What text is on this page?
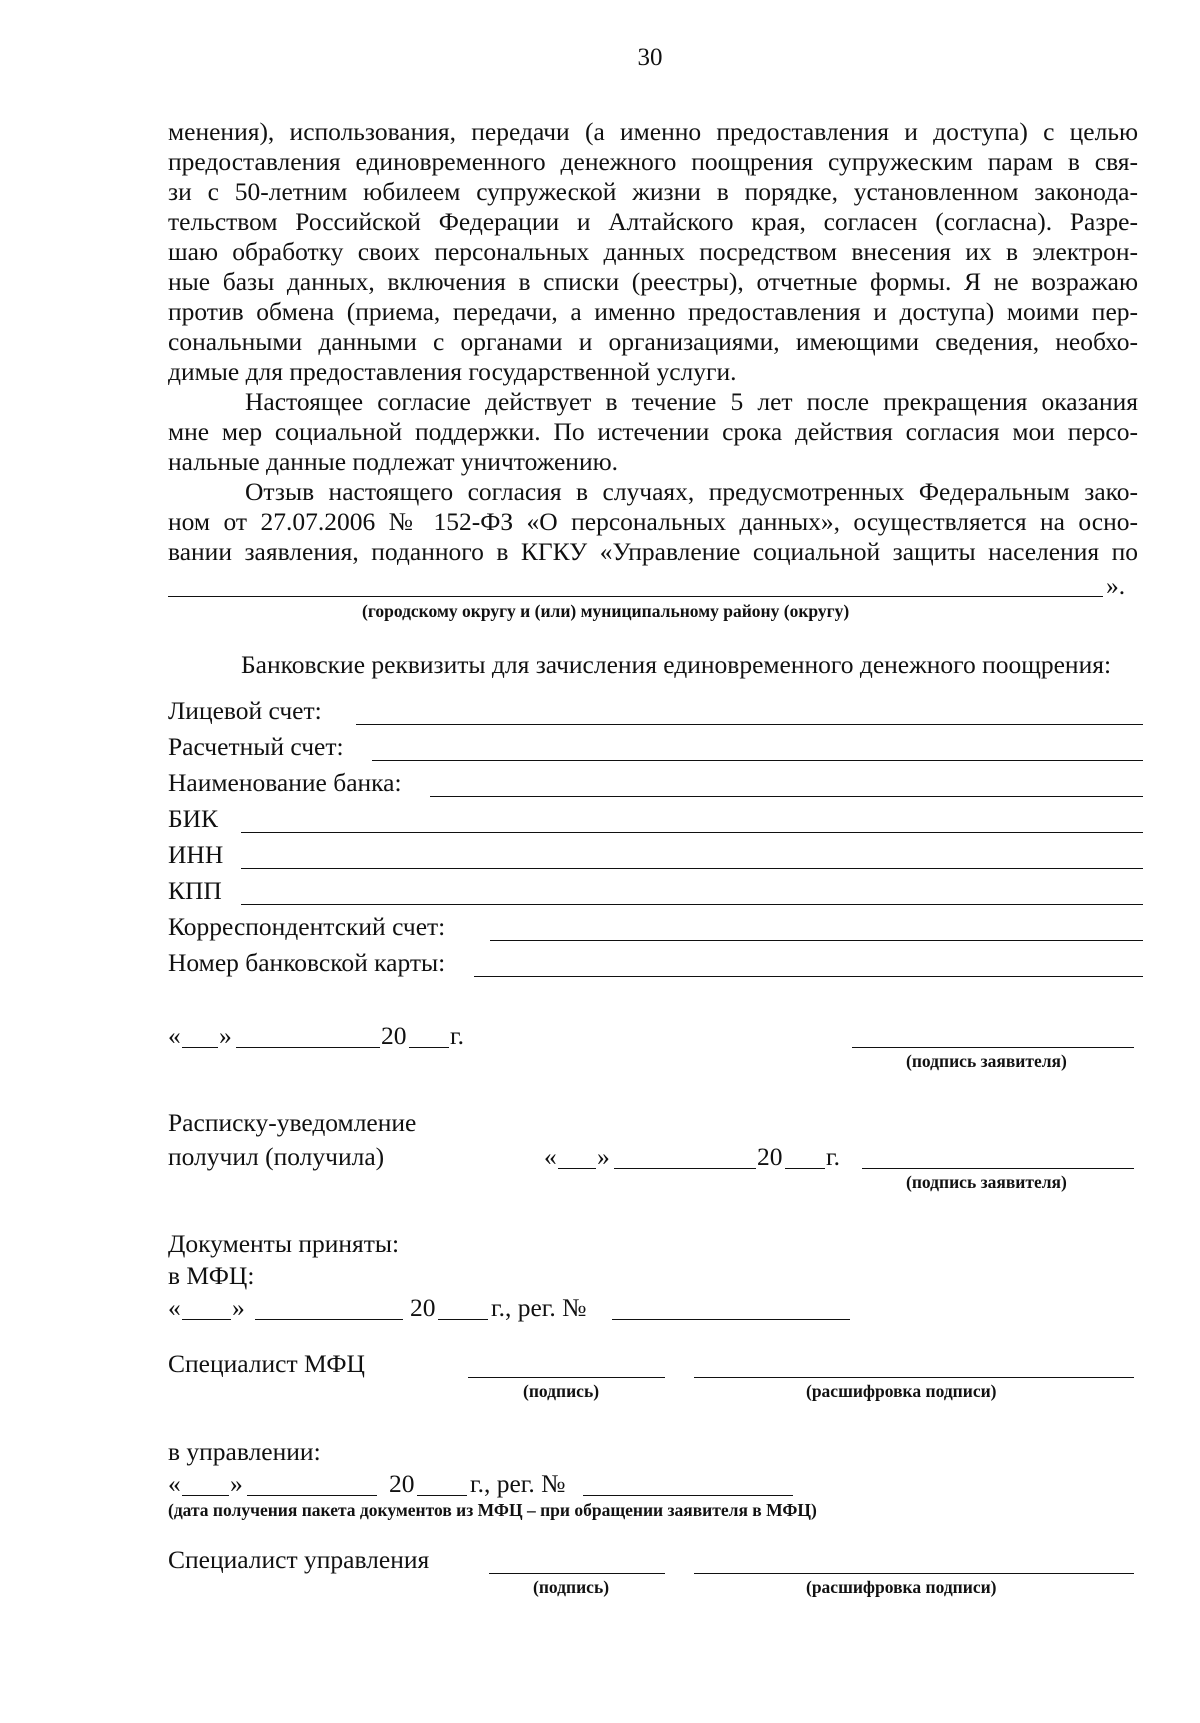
30
менения), использования, передачи (а именно предоставления и доступа) с целью
предоставления единовременного денежного поощрения супружеским парам в свя-
зи с 50-летним юбилеем супружеской жизни в порядке, установленном законода-
тельством Российской Федерации и Алтайского края, согласен (согласна). Разре-
шаю обработку своих персональных данных посредством внесения их в электрон-
ные базы данных, включения в списки (реестры), отчетные формы. Я не возражаю
против обмена (приема, передачи, а именно предоставления и доступа) моими пер-
сональными данными с органами и организациями, имеющими сведения, необхо-
димые для предоставления государственной услуги.
Настоящее согласие действует в течение 5 лет после прекращения оказания
мне мер социальной поддержки. По истечении срока действия согласия мои персо-
нальные данные подлежат уничтожению.
Отзыв настоящего согласия в случаях, предусмотренных Федеральным зако-
ном от 27.07.2006 № 152-ФЗ «О персональных данных», осуществляется на осно-
вании заявления, поданного в КГКУ «Управление социальной защиты населения по
».
(городскому округу и (или) муниципальному району (округу)
Банковские реквизиты для зачисления единовременного денежного поощрения:
Лицевой счет:
Расчетный счет:
Наименование банка:
БИК
ИНН
КПП
Корреспондентский счет:
Номер банковской карты:
« »	20 г.
(подпись заявителя)
Расписку-уведомление
получил (получила)	« »	20 г.
(подпись заявителя)
Документы приняты:
в МФЦ:
« »	20 г., рег. №
Специалист МФЦ
(подпись)	(расшифровка подписи)
в управлении:
« »	20 г., рег. №
(дата получения пакета документов из МФЦ – при обращении заявителя в МФЦ)
Специалист управления
(подпись)	(расшифровка подписи)
